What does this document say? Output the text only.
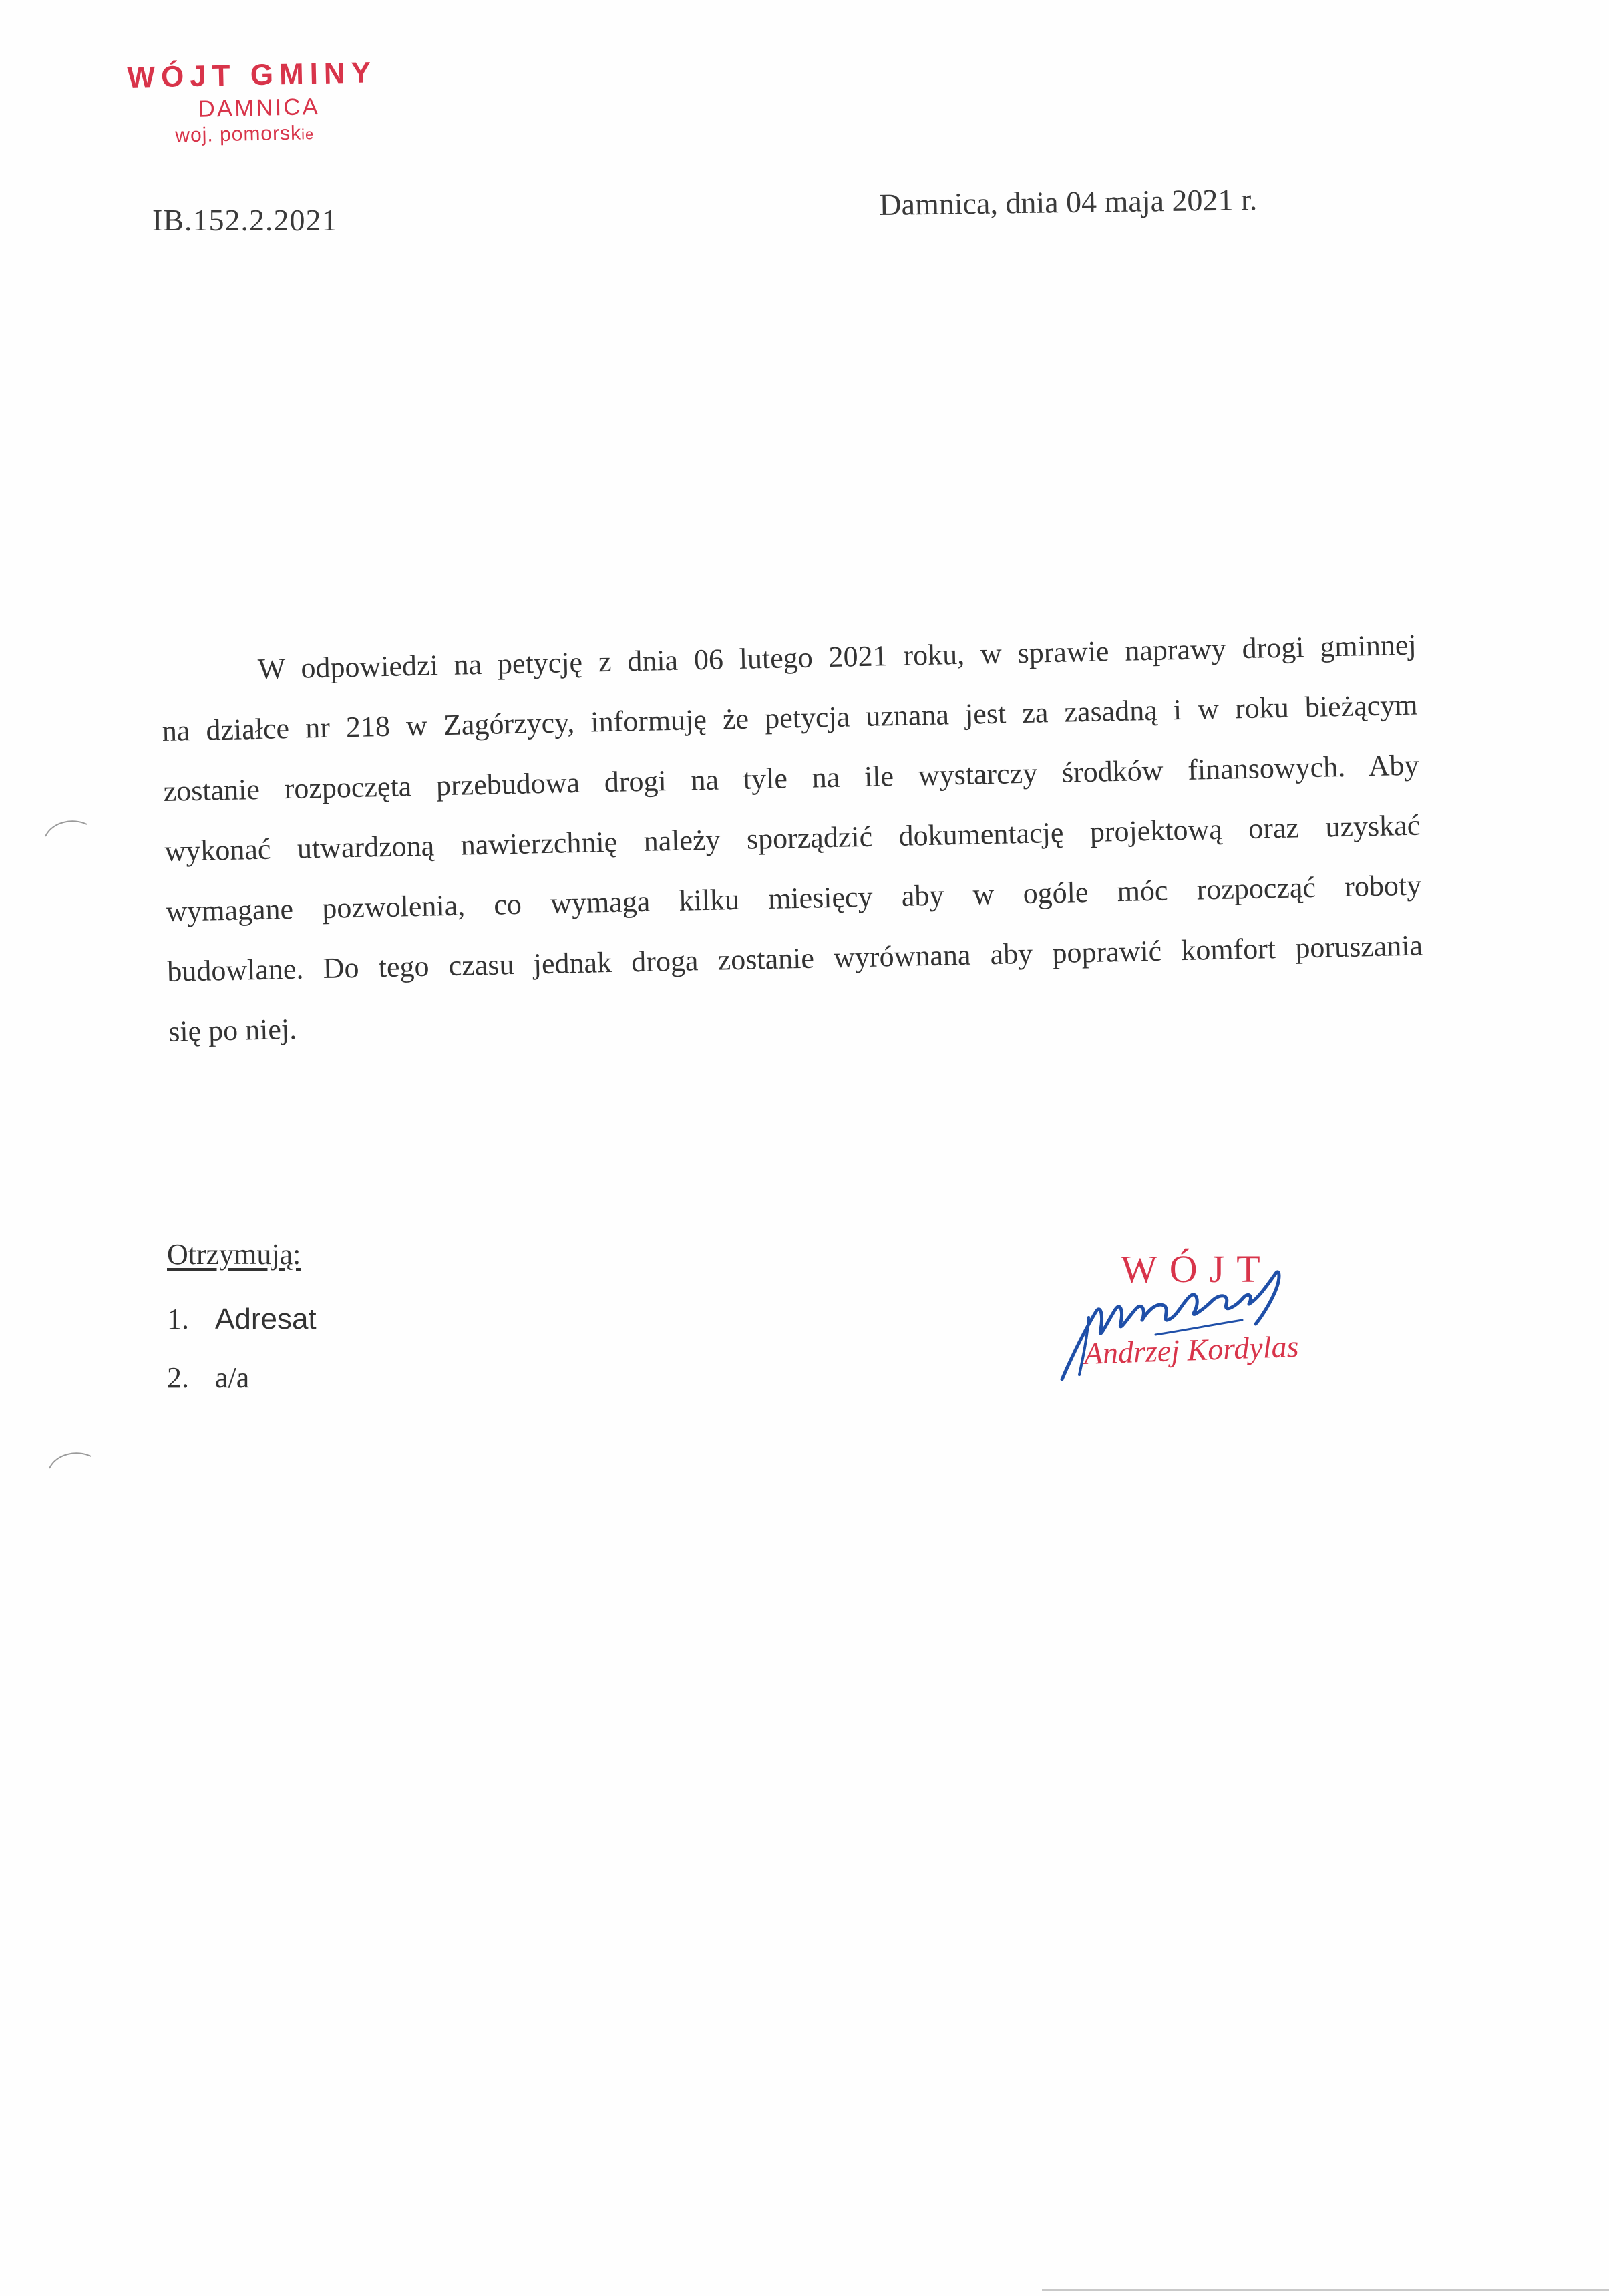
WÓJT GMINY
DAMNICA
woj. pomorskie
IB.152.2.2021	Damnica, dnia 04 maja 2021 r.
W odpowiedzi na petycję z dnia 06 lutego 2021 roku, w sprawie naprawy drogi gminnej
na działce nr 218 w Zagórzycy, informuję że petycja uznana jest za zasadną i w roku bieżącym
zostanie rozpoczęta przebudowa drogi na tyle na ile wystarczy środków finansowych. Aby
wykonać utwardzoną nawierzchnię należy sporządzić dokumentację projektową oraz uzyskać
wymagane pozwolenia, co wymaga kilku miesięcy aby w ogóle móc rozpocząć roboty
budowlane. Do tego czasu jednak droga zostanie wyrównana aby poprawić komfort poruszania
się po niej.
Otrzymują:
1. Adresat
2. a/a
WÓJT
Andrzej Kordylas
